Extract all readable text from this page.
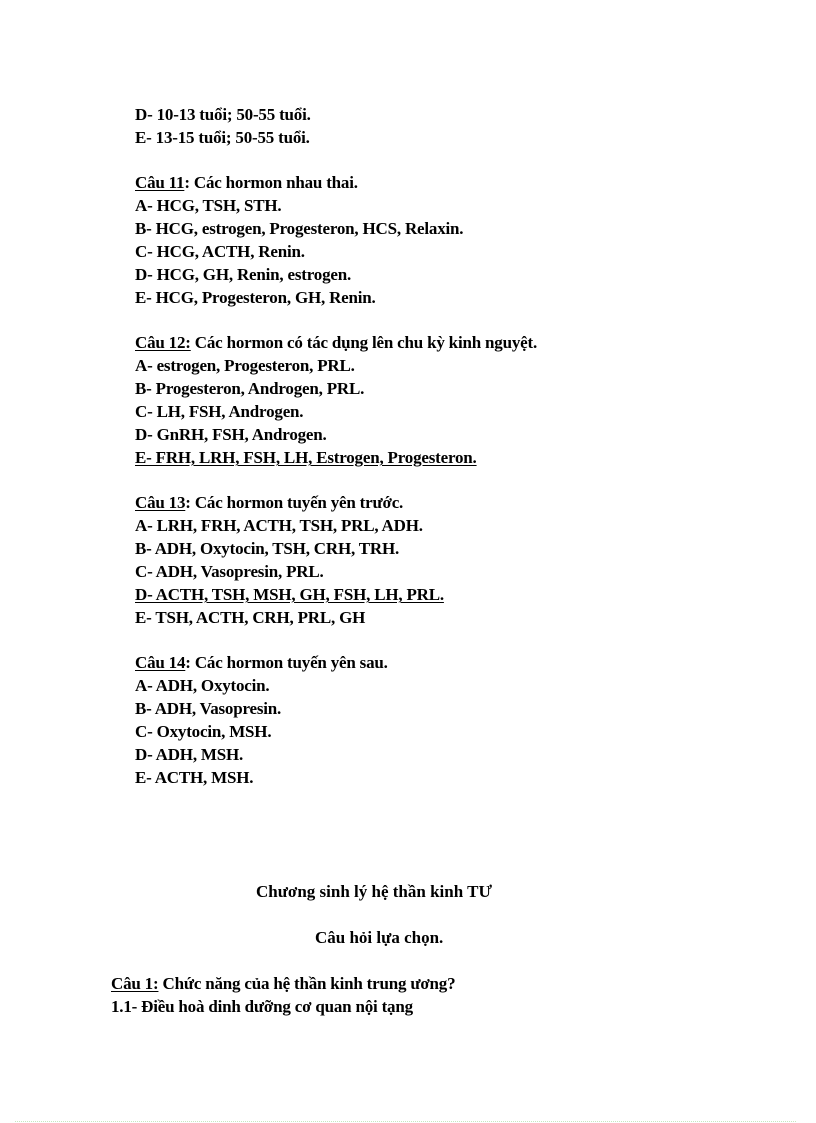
D- 10-13 tuổi; 50-55 tuổi.
E- 13-15 tuổi; 50-55 tuổi.
Câu 11: Các hormon nhau thai.
A- HCG, TSH, STH.
B- HCG, estrogen, Progesteron, HCS, Relaxin.
C- HCG, ACTH, Renin.
D- HCG, GH, Renin, estrogen.
E- HCG, Progesteron, GH, Renin.
Câu 12: Các hormon có tác dụng lên chu kỳ kinh nguyệt.
A- estrogen, Progesteron, PRL.
B- Progesteron, Androgen, PRL.
C- LH, FSH, Androgen.
D- GnRH, FSH, Androgen.
E- FRH, LRH, FSH, LH, Estrogen, Progesteron.
Câu 13: Các hormon tuyến yên trước.
A- LRH, FRH, ACTH, TSH, PRL, ADH.
B- ADH, Oxytocin, TSH, CRH, TRH.
C- ADH, Vasopresin, PRL.
D- ACTH, TSH, MSH, GH, FSH, LH, PRL.
E- TSH, ACTH, CRH, PRL, GH
Câu 14: Các hormon tuyến yên sau.
A- ADH, Oxytocin.
B- ADH, Vasopresin.
C- Oxytocin, MSH.
D- ADH, MSH.
E- ACTH, MSH.
Chương sinh lý hệ thần kinh TƯ
Câu hỏi lựa chọn.
Câu 1: Chức năng của hệ thần kinh trung ương?
1.1- Điều hoà dinh dưỡng cơ quan nội tạng
